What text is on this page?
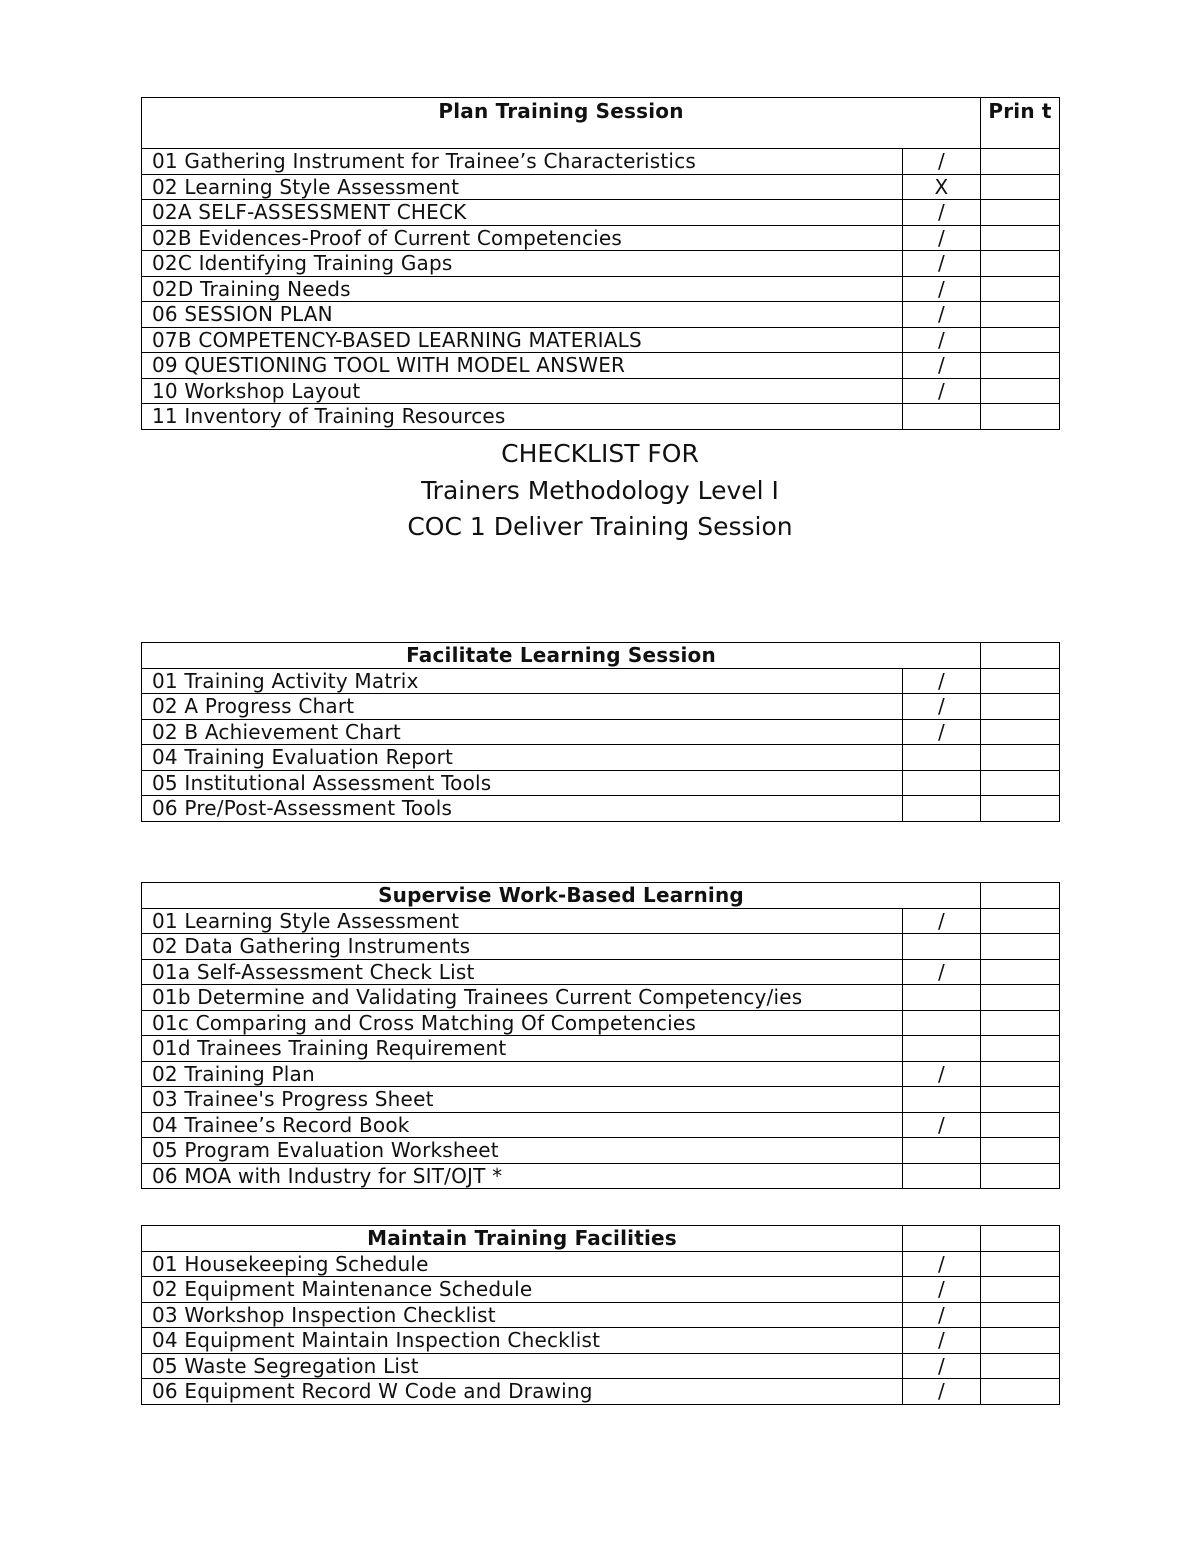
Plan Training Session		Prin t
01 Gathering Instrument for Trainee’s Characteristics	/	
02 Learning Style Assessment	X	
02A SELF-ASSESSMENT CHECK	/	
02B Evidences-Proof of Current Competencies	/	
02C Identifying Training Gaps	/	
02D Training Needs	/	
06 SESSION PLAN	/	
07B COMPETENCY-BASED LEARNING MATERIALS	/	
09 QUESTIONING TOOL WITH MODEL ANSWER	/	
10 Workshop Layout	/	
11 Inventory of Training Resources		
CHECKLIST FOR
Trainers Methodology Level I
COC 1 Deliver Training Session
Facilitate Learning Session		
01 Training Activity Matrix	/	
02 A Progress Chart	/	
02 B Achievement Chart	/	
04 Training Evaluation Report		
05 Institutional Assessment Tools		
06 Pre/Post-Assessment Tools		
Supervise Work-Based Learning		
01 Learning Style Assessment	/	
02 Data Gathering Instruments		
01a Self-Assessment Check List	/	
01b Determine and Validating Trainees Current Competency/ies		
01c Comparing and Cross Matching Of Competencies		
01d Trainees Training Requirement		
02 Training Plan	/	
03 Trainee's Progress Sheet		
04 Trainee’s Record Book	/	
05 Program Evaluation Worksheet		
06 MOA with Industry for SIT/OJT *		
Maintain Training Facilities		
01 Housekeeping Schedule	/	
02 Equipment Maintenance Schedule	/	
03 Workshop Inspection Checklist	/	
04 Equipment Maintain Inspection Checklist	/	
05 Waste Segregation List	/	
06 Equipment Record W Code and Drawing	/	
